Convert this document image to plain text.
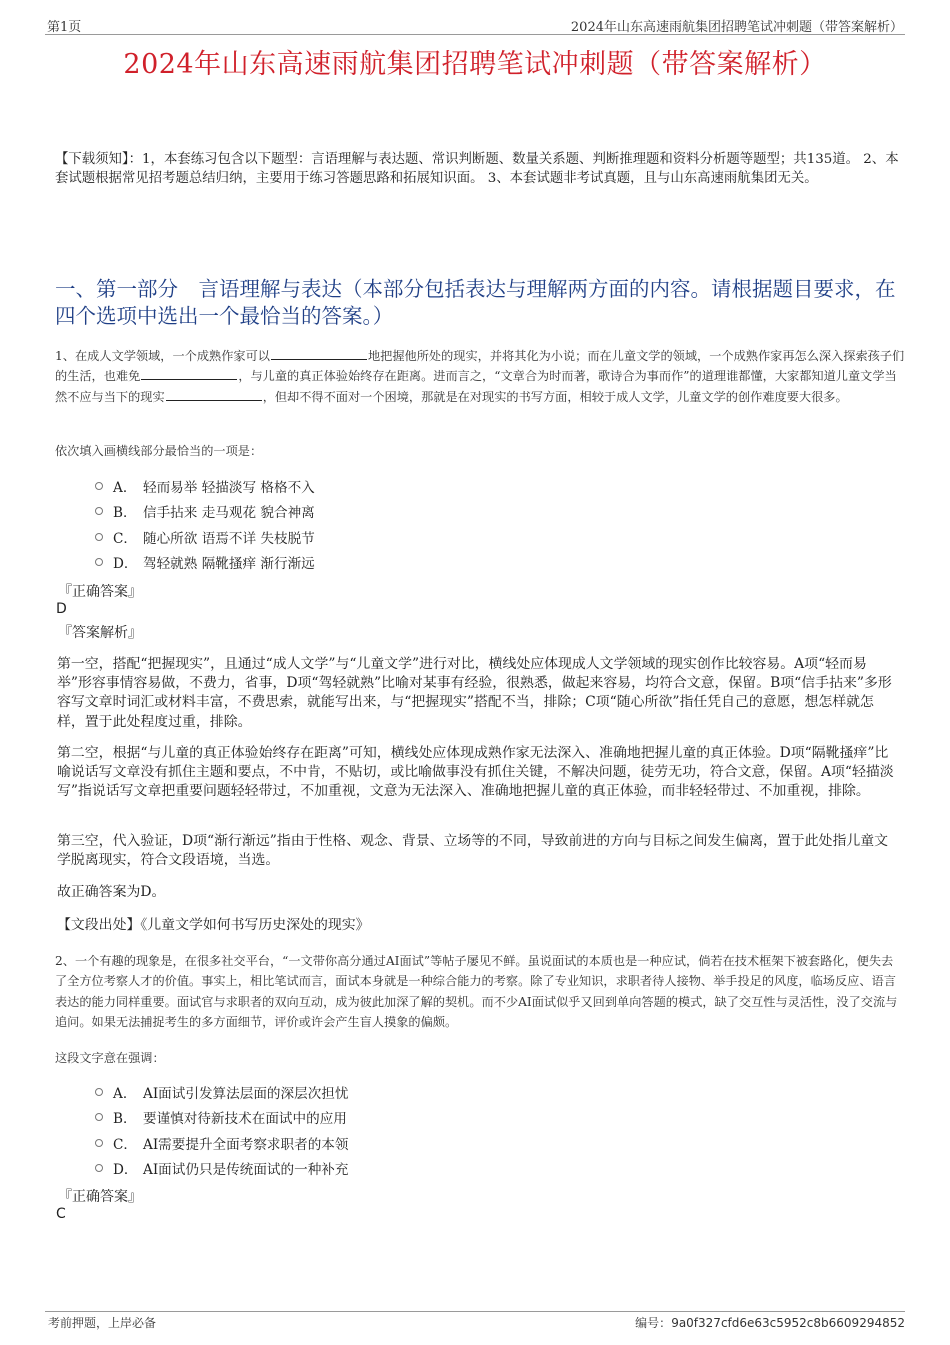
第1页	2024年山东高速雨航集团招聘笔试冲刺题（带答案解析）
2024年山东高速雨航集团招聘笔试冲刺题（带答案解析）
【下载须知】：1，本套练习包含以下题型：言语理解与表达题、常识判断题、数量关系题、判断推理题和资料分析题等题型；共135道。 2、本套试题根据常见招考题总结归纳，主要用于练习答题思路和拓展知识面。 3、本套试题非考试真题，且与山东高速雨航集团无关。
一、第一部分　言语理解与表达（本部分包括表达与理解两方面的内容。请根据题目要求，在四个选项中选出一个最恰当的答案。）
1、在成人文学领域，一个成熟作家可以	地把握他所处的现实，并将其化为小说；而在儿童文学的领域，一个成熟作家再怎么深入探索孩子们的生活，也难免	，与儿童的真正体验始终存在距离。进而言之，“文章合为时而著，歌诗合为事而作”的道理谁都懂，大家都知道儿童文学当然不应与当下的现实	，但却不得不面对一个困境，那就是在对现实的书写方面，相较于成人文学，儿童文学的创作难度要大很多。
依次填入画横线部分最恰当的一项是：
A． 轻而易举 轻描淡写 格格不入
B． 信手拈来 走马观花 貌合神离
C． 随心所欲 语焉不详 失枝脱节
D． 驾轻就熟 隔靴搔痒 渐行渐远
『正确答案』
D
『答案解析』
第一空，搭配“把握现实”，且通过“成人文学”与“儿童文学”进行对比，横线处应体现成人文学领域的现实创作比较容易。A项“轻而易举”形容事情容易做，不费力，省事，D项“驾轻就熟”比喻对某事有经验，很熟悉，做起来容易，均符合文意，保留。B项“信手拈来”多形容写文章时词汇或材料丰富，不费思索，就能写出来，与“把握现实”搭配不当，排除；C项“随心所欲”指任凭自己的意愿，想怎样就怎样，置于此处程度过重，排除。
第二空，根据“与儿童的真正体验始终存在距离”可知，横线处应体现成熟作家无法深入、准确地把握儿童的真正体验。D项“隔靴搔痒”比喻说话写文章没有抓住主题和要点，不中肯，不贴切，或比喻做事没有抓住关键，不解决问题，徒劳无功，符合文意，保留。A项“轻描淡写”指说话写文章把重要问题轻轻带过，不加重视，文意为无法深入、准确地把握儿童的真正体验，而非轻轻带过、不加重视，排除。
第三空，代入验证，D项“渐行渐远”指由于性格、观念、背景、立场等的不同，导致前进的方向与目标之间发生偏离，置于此处指儿童文学脱离现实，符合文段语境，当选。
故正确答案为D。
【文段出处】《儿童文学如何书写历史深处的现实》
2、一个有趣的现象是，在很多社交平台，“一文带你高分通过AI面试”等帖子屡见不鲜。虽说面试的本质也是一种应试，倘若在技术框架下被套路化，便失去了全方位考察人才的价值。事实上，相比笔试而言，面试本身就是一种综合能力的考察。除了专业知识，求职者待人接物、举手投足的风度，临场反应、语言表达的能力同样重要。面试官与求职者的双向互动，成为彼此加深了解的契机。而不少AI面试似乎又回到单向答题的模式，缺了交互性与灵活性，没了交流与追问。如果无法捕捉考生的多方面细节，评价或许会产生盲人摸象的偏颇。
这段文字意在强调：
A． AI面试引发算法层面的深层次担忧
B． 要谨慎对待新技术在面试中的应用
C． AI需要提升全面考察求职者的本领
D． AI面试仍只是传统面试的一种补充
『正确答案』
C
考前押题，上岸必备	编号：9a0f327cfd6e63c5952c8b6609294852
